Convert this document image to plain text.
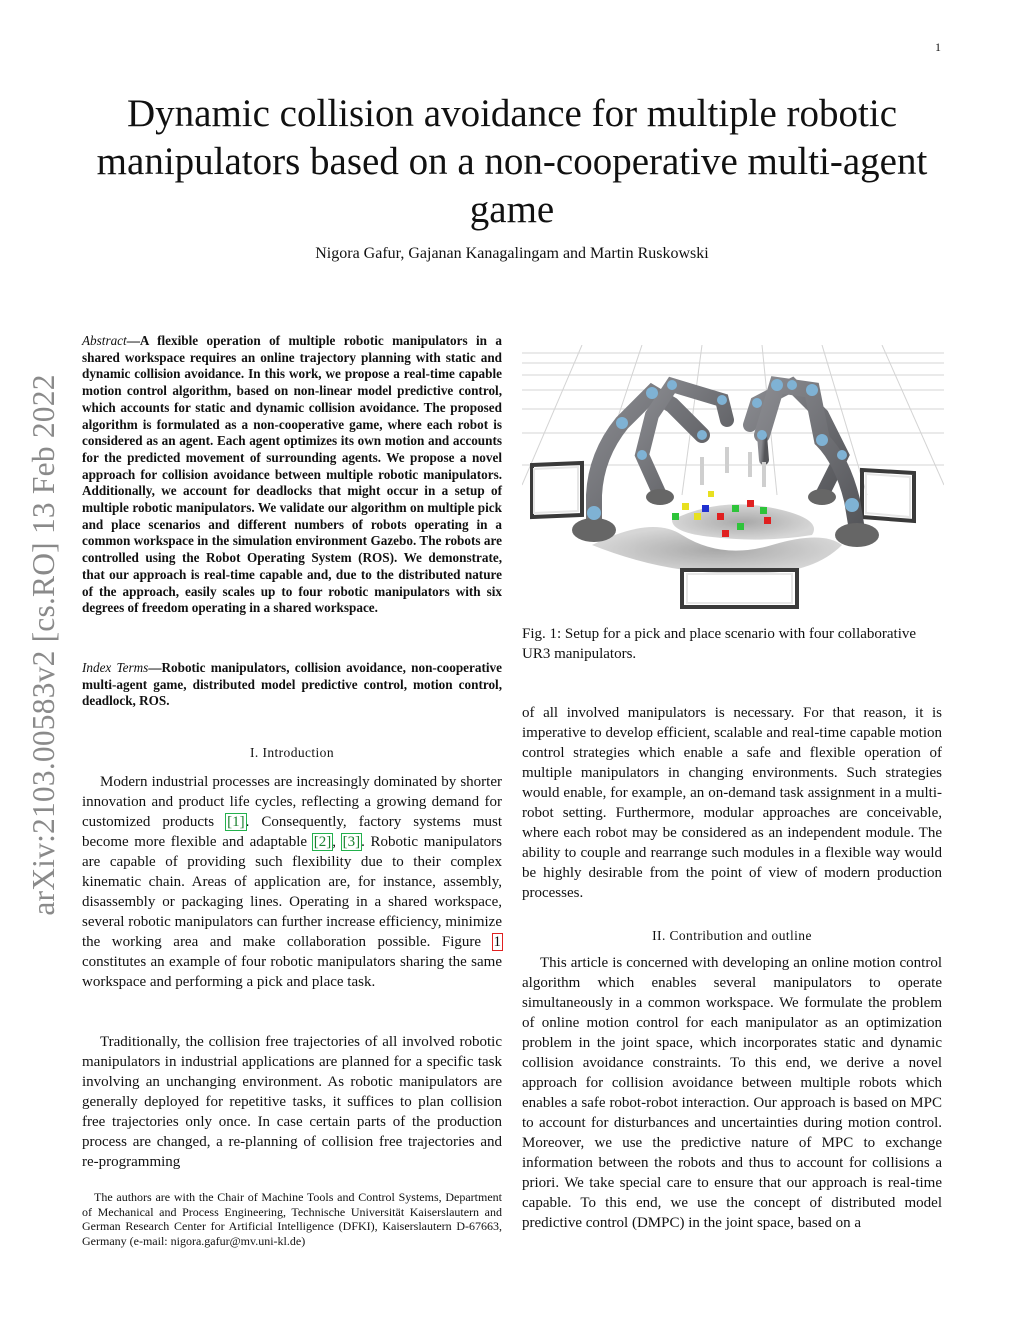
1
arXiv:2103.00583v2 [cs.RO] 13 Feb 2022
Dynamic collision avoidance for multiple robotic manipulators based on a non-cooperative multi-agent game
Nigora Gafur, Gajanan Kanagalingam and Martin Ruskowski
Abstract—A flexible operation of multiple robotic manipulators in a shared workspace requires an online trajectory planning with static and dynamic collision avoidance. In this work, we propose a real-time capable motion control algorithm, based on non-linear model predictive control, which accounts for static and dynamic collision avoidance. The proposed algorithm is formulated as a non-cooperative game, where each robot is considered as an agent. Each agent optimizes its own motion and accounts for the predicted movement of surrounding agents. We propose a novel approach for collision avoidance between multiple robotic manipulators. Additionally, we account for deadlocks that might occur in a setup of multiple robotic manipulators. We validate our algorithm on multiple pick and place scenarios and different numbers of robots operating in a common workspace in the simulation environment Gazebo. The robots are controlled using the Robot Operating System (ROS). We demonstrate, that our approach is real-time capable and, due to the distributed nature of the approach, easily scales up to four robotic manipulators with six degrees of freedom operating in a shared workspace.
Index Terms—Robotic manipulators, collision avoidance, non-cooperative multi-agent game, distributed model predictive control, motion control, deadlock, ROS.
I. Introduction
Modern industrial processes are increasingly dominated by shorter innovation and product life cycles, reflecting a growing demand for customized products [1]. Consequently, factory systems must become more flexible and adaptable [2], [3]. Robotic manipulators are capable of providing such flexibility due to their complex kinematic chain. Areas of application are, for instance, assembly, disassembly or packaging lines. Operating in a shared workspace, several robotic manipulators can further increase efficiency, minimize the working area and make collaboration possible. Figure 1 constitutes an example of four robotic manipulators sharing the same workspace and performing a pick and place task.
Traditionally, the collision free trajectories of all involved robotic manipulators in industrial applications are planned for a specific task involving an unchanging environment. As robotic manipulators are generally deployed for repetitive tasks, it suffices to plan collision free trajectories only once. In case certain parts of the production process are changed, a re-planning of collision free trajectories and re-programming

The authors are with the Chair of Machine Tools and Control Systems, Department of Mechanical and Process Engineering, Technische Universität Kaiserslautern and German Research Center for Artificial Intelligence (DFKI), Kaiserslautern D-67663, Germany (e-mail: nigora.gafur@mv.uni-kl.de)

Fig. 1: Setup for a pick and place scenario with four collaborative UR3 manipulators.
of all involved manipulators is necessary. For that reason, it is imperative to develop efficient, scalable and real-time capable motion control strategies which enable a safe and flexible operation of multiple manipulators in changing environments. Such strategies would enable, for example, an on-demand task assignment in a multi-robot setting. Furthermore, modular approaches are conceivable, where each robot may be considered as an independent module. The ability to couple and rearrange such modules in a flexible way would be highly desirable from the point of view of modern production processes.
II. Contribution and outline
This article is concerned with developing an online motion control algorithm which enables several manipulators to operate simultaneously in a common workspace. We formulate the problem of online motion control for each manipulator as an optimization problem in the joint space, which incorporates static and dynamic collision avoidance constraints. To this end, we derive a novel approach for collision avoidance between multiple robots which enables a safe robot-robot interaction. Our approach is based on MPC to account for disturbances and uncertainties during motion control. Moreover, we use the predictive nature of MPC to exchange information between the robots and thus to account for collisions a priori. We take special care to ensure that our approach is real-time capable. To this end, we use the concept of distributed model predictive control (DMPC) in the joint space, based on a
